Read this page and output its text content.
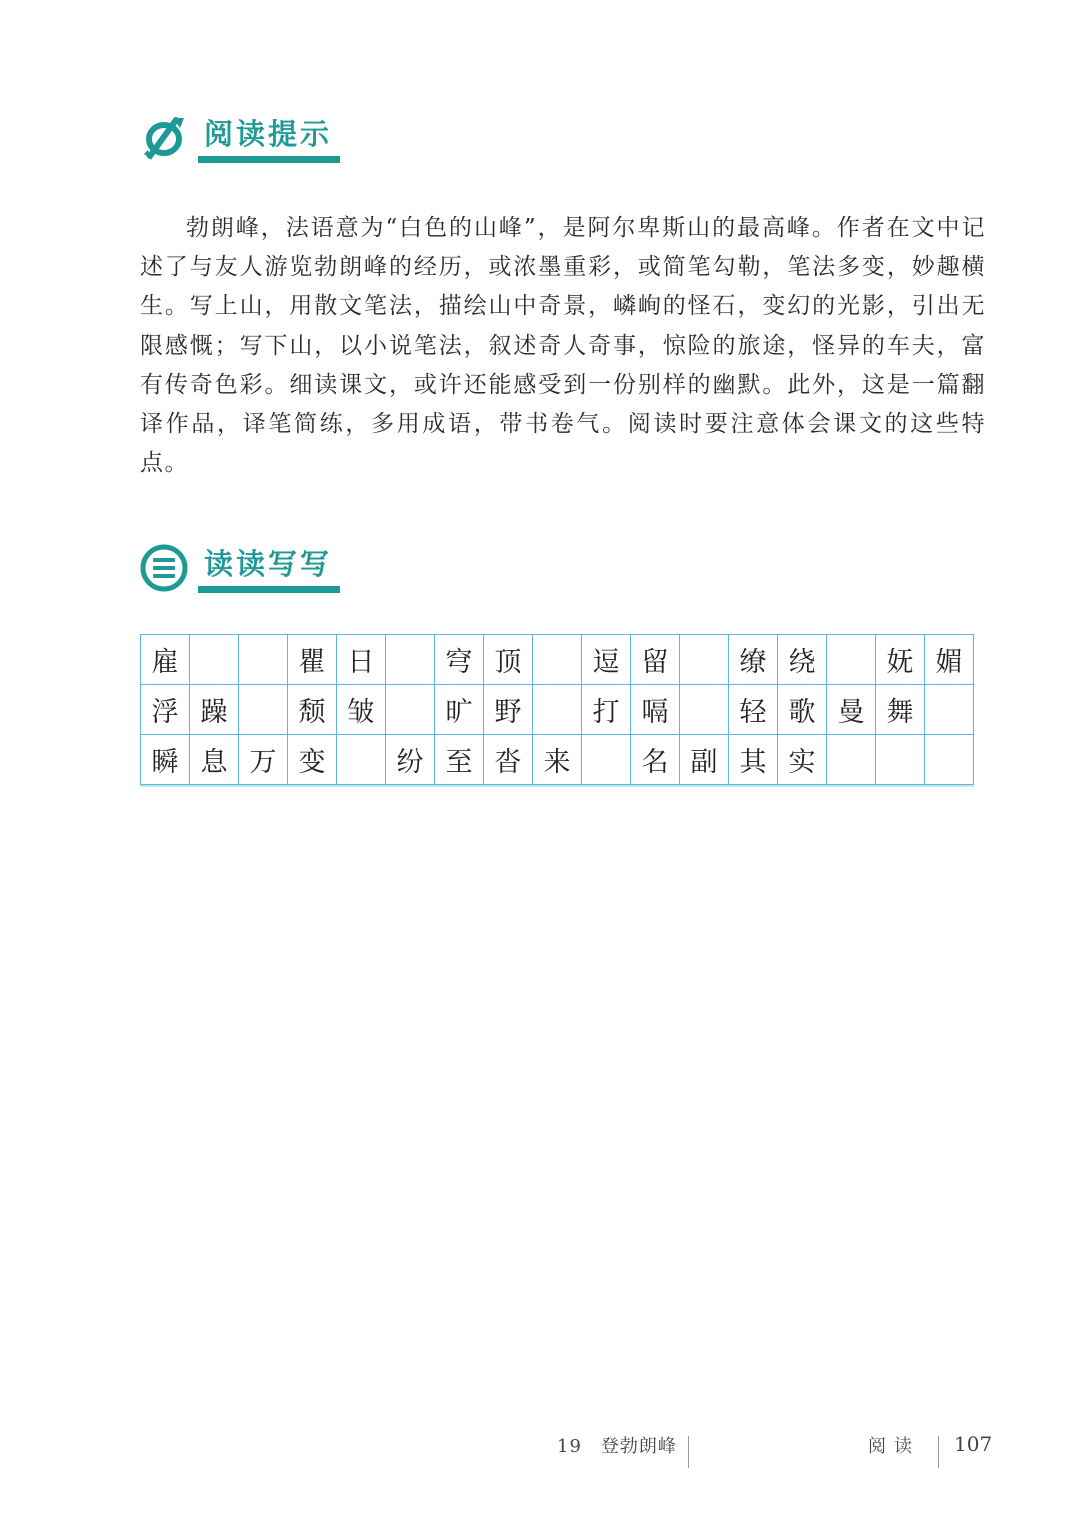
阅读提示

勃朗峰，法语意为“白色的山峰”，是阿尔卑斯山的最高峰。作者在文中记述了与友人游览勃朗峰的经历，或浓墨重彩，或简笔勾勒，笔法多变，妙趣横生。写上山，用散文笔法，描绘山中奇景，嶙峋的怪石，变幻的光影，引出无限感慨；写下山，以小说笔法，叙述奇人奇事，惊险的旅途，怪异的车夫，富有传奇色彩。细读课文，或许还能感受到一份别样的幽默。此外，这是一篇翻译作品，译笔简练，多用成语，带书卷气。阅读时要注意体会课文的这些特点。

读读写写
雇			瞿	日		穹	顶		逗	留		缭	绕		妩	媚
浮	躁		颓	皱		旷	野		打	嗝		轻	歌	曼	舞	
瞬	息	万	变		纷	至	沓	来		名	副	其	实			
19　登勃朗峰	阅读 107
